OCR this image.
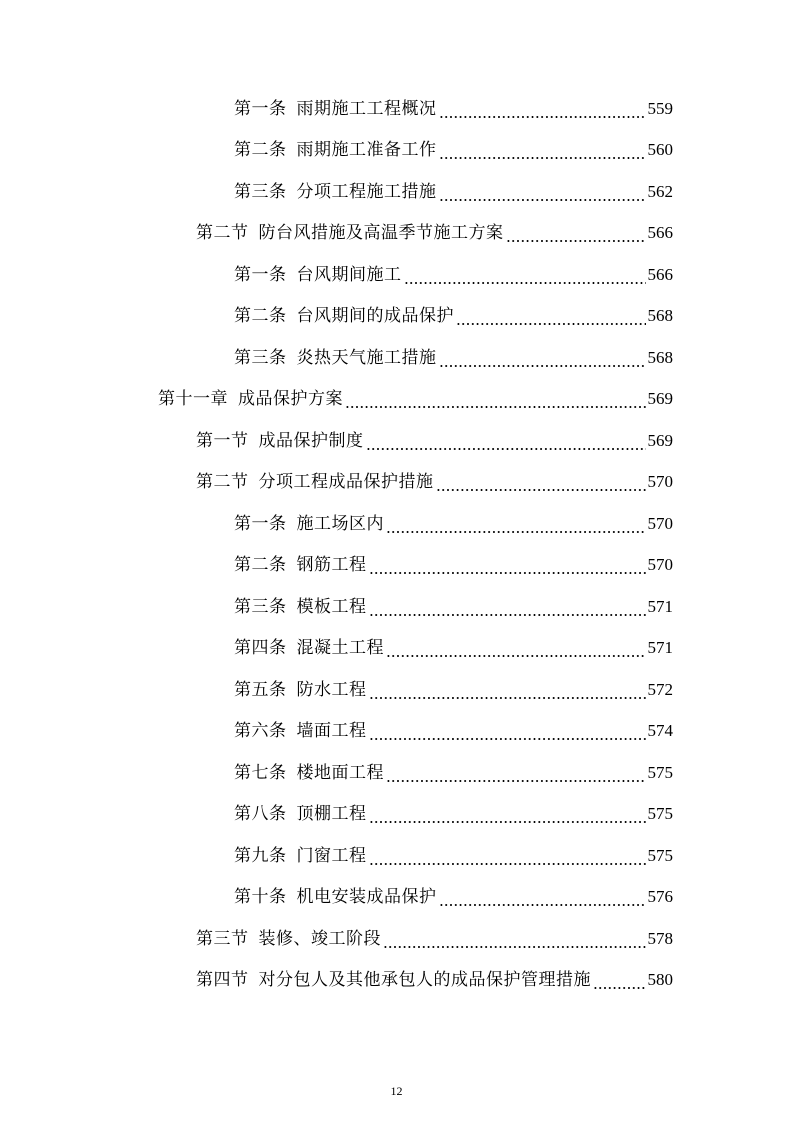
第一条 雨期施工工程概况	559
第二条 雨期施工准备工作	560
第三条 分项工程施工措施	562
第二节 防台风措施及高温季节施工方案	566
第一条 台风期间施工	566
第二条 台风期间的成品保护	568
第三条 炎热天气施工措施	568
第十一章 成品保护方案	569
第一节 成品保护制度	569
第二节 分项工程成品保护措施	570
第一条 施工场区内	570
第二条 钢筋工程	570
第三条 模板工程	571
第四条 混凝土工程	571
第五条 防水工程	572
第六条 墙面工程	574
第七条 楼地面工程	575
第八条 顶棚工程	575
第九条 门窗工程	575
第十条 机电安装成品保护	576
第三节 装修、竣工阶段	578
第四节 对分包人及其他承包人的成品保护管理措施	580
12
